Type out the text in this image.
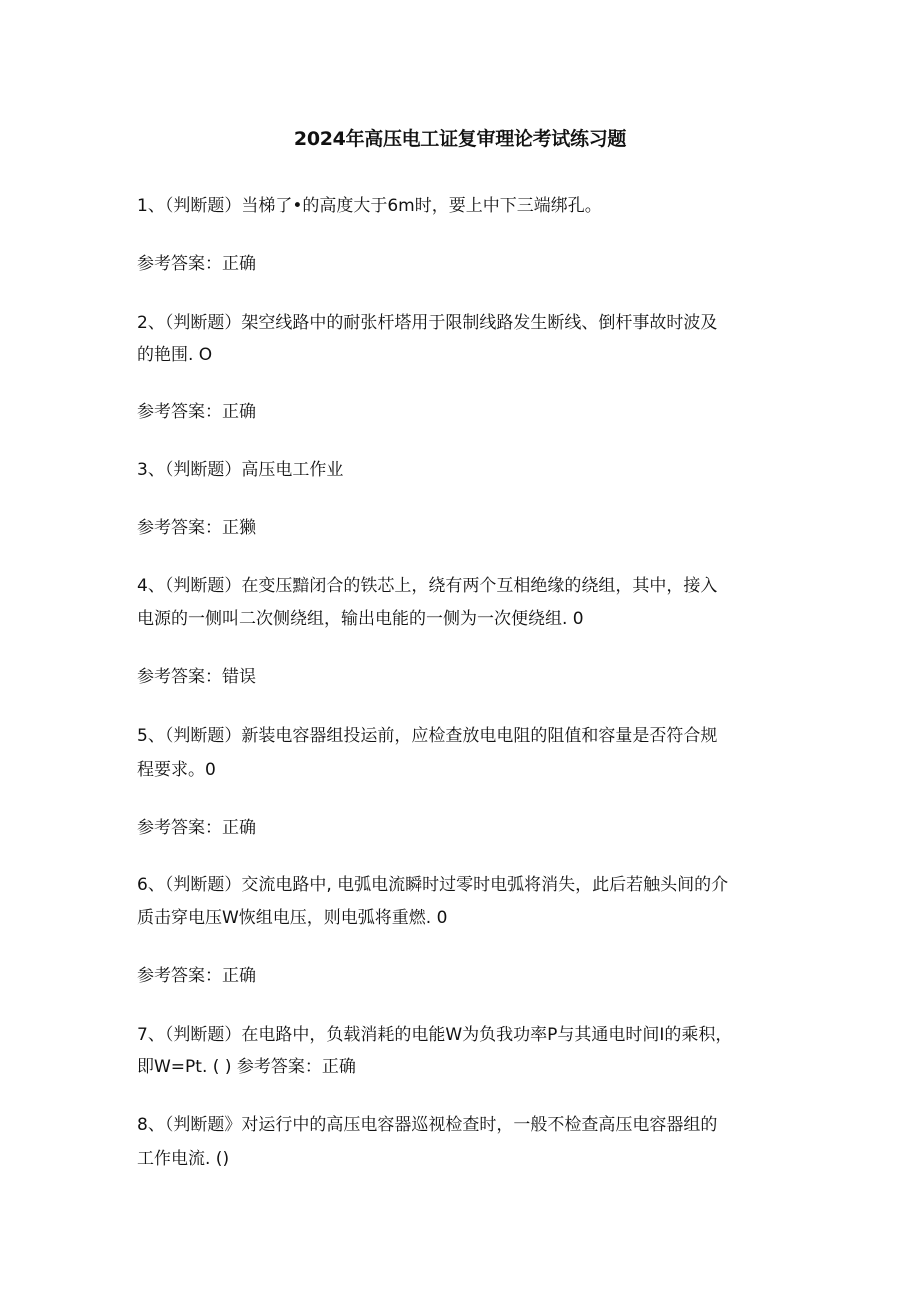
2024年高压电工证复审理论考试练习题
1、（判断题）当梯了•的高度大于6m时，要上中下三端绑孔。
参考答案：正确
2、（判断题）架空线路中的耐张杆塔用于限制线路发生断线、倒杆事故时波及
的艳围. O
参考答案：正确
3、（判断题）高压电工作业
参考答案：正獭
4、（判断题）在变压黯闭合的铁芯上，绕有两个互相绝缘的绕组，其中，接入
电源的一侧叫二次侧绕组，输出电能的一侧为一次便绕组. 0
参考答案：错误
5、（判断题）新装电容器组投运前，应检查放电电阻的阻值和容量是否符合规
程要求。0
参考答案：正确
6、（判断题）交流电路中, 电弧电流瞬时过零时电弧将消失，此后若触头间的介
质击穿电压W恢组电压，则电弧将重燃. 0
参考答案：正确
7、（判断题）在电路中，负载消耗的电能W为负我功率P与其通电时间I的乘积，
即W=Pt. ( ) 参考答案：正确
8、（判断题》对运行中的高压电容器巡视检查时，一般不检查高压电容器组的
工作电流. ()
